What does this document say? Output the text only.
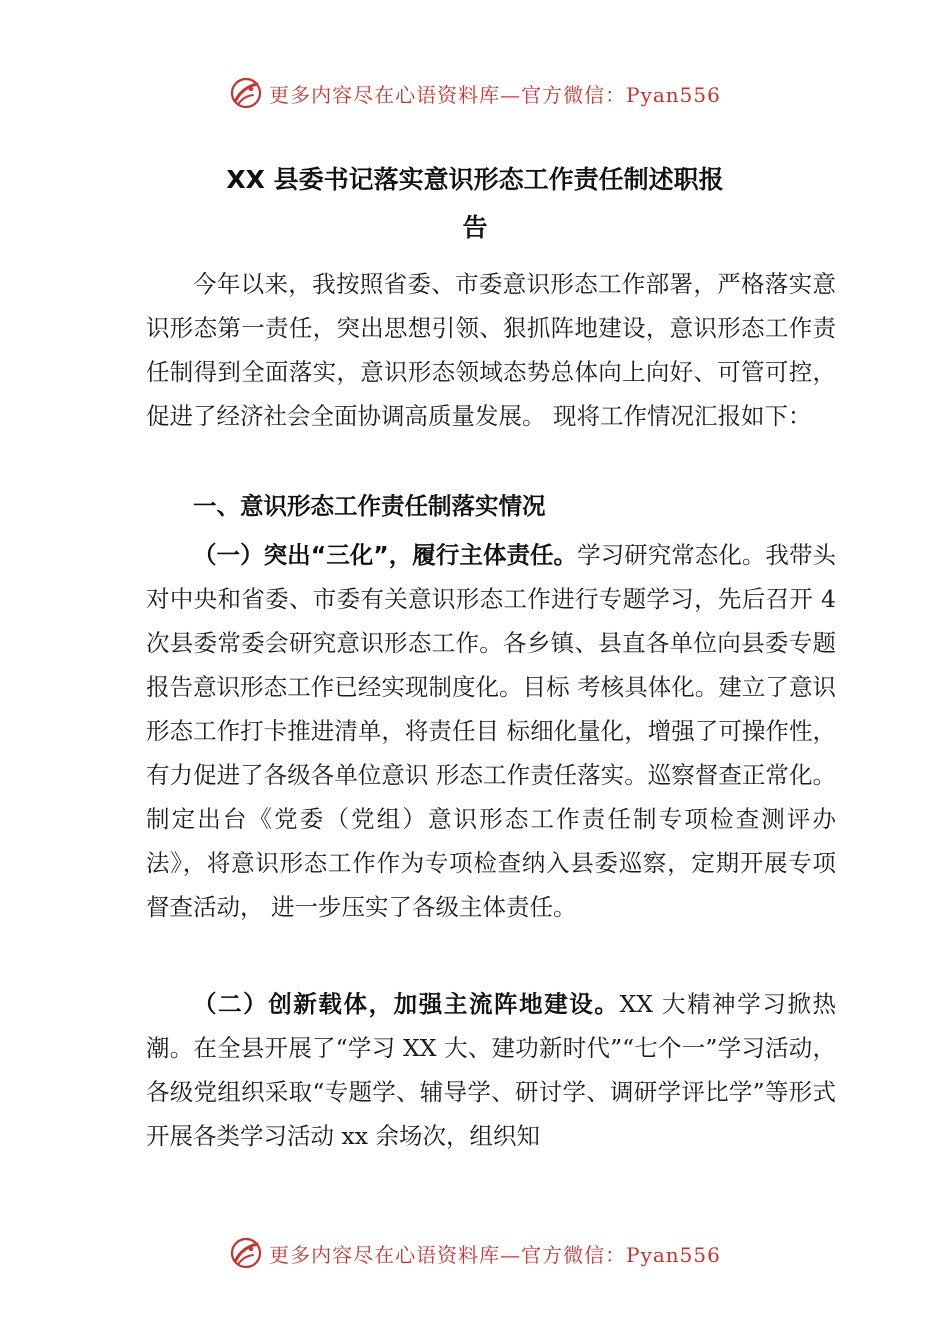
更多内容尽在心语资料库—官方微信：Pyan556
XX 县委书记落实意识形态工作责任制述职报
告

今年以来，我按照省委、市委意识形态工作部署，严格落实意识形态第一责任，突出思想引领、狠抓阵地建设，意识形态工作责任制得到全面落实，意识形态领域态势总体向上向好、可管可控，促进了经济社会全面协调高质量发展。 现将工作情况汇报如下：

一、意识形态工作责任制落实情况

（一）突出“三化”，履行主体责任。学习研究常态化。我带头对中央和省委、市委有关意识形态工作进行专题学习，先后召开 4 次县委常委会研究意识形态工作。各乡镇、县直各单位向县委专题报告意识形态工作已经实现制度化。目标 考核具体化。建立了意识形态工作打卡推进清单，将责任目 标细化量化，增强了可操作性，有力促进了各级各单位意识 形态工作责任落实。巡察督查正常化。制定出台《党委（党组）意识形态工作责任制专项检查测评办法》，将意识形态工作作为专项检查纳入县委巡察，定期开展专项督查活动， 进一步压实了各级主体责任。

（二）创新载体，加强主流阵地建设。XX 大精神学习掀热潮。在全县开展了“学习 XX 大、建功新时代”“七个一”学习活动，各级党组织采取“专题学、辅导学、研讨学、调研学评比学”等形式开展各类学习活动 xx 余场次，组织知

更多内容尽在心语资料库—官方微信：Pyan556
